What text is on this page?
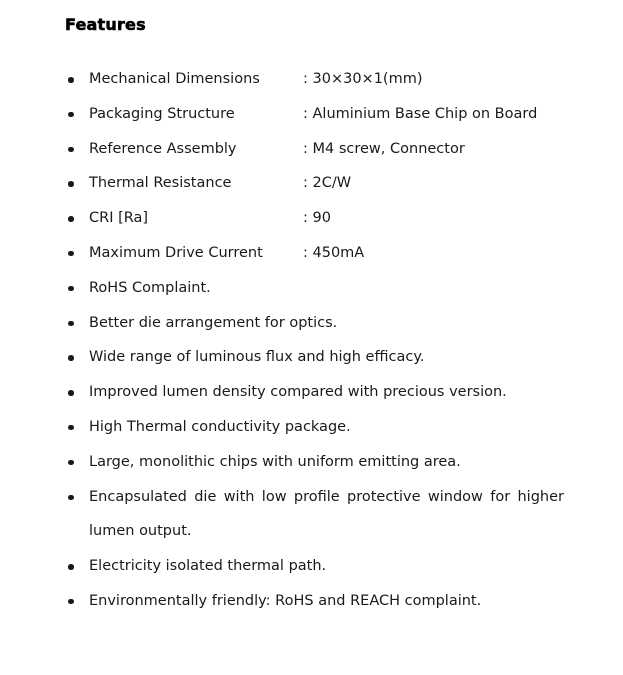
Features
Mechanical Dimensions	: 30×30×1(mm)
Packaging Structure	: Aluminium Base Chip on Board
Reference Assembly	: M4 screw, Connector
Thermal Resistance	: 2C/W
CRI [Ra]	: 90
Maximum Drive Current	: 450mA
RoHS Complaint.
Better die arrangement for optics.
Wide range of luminous flux and high efficacy.
Improved lumen density compared with precious version.
High Thermal conductivity package.
Large, monolithic chips with uniform emitting area.
Encapsulated die with low profile protective window for higher lumen output.
Electricity isolated thermal path.
Environmentally friendly: RoHS and REACH complaint.
